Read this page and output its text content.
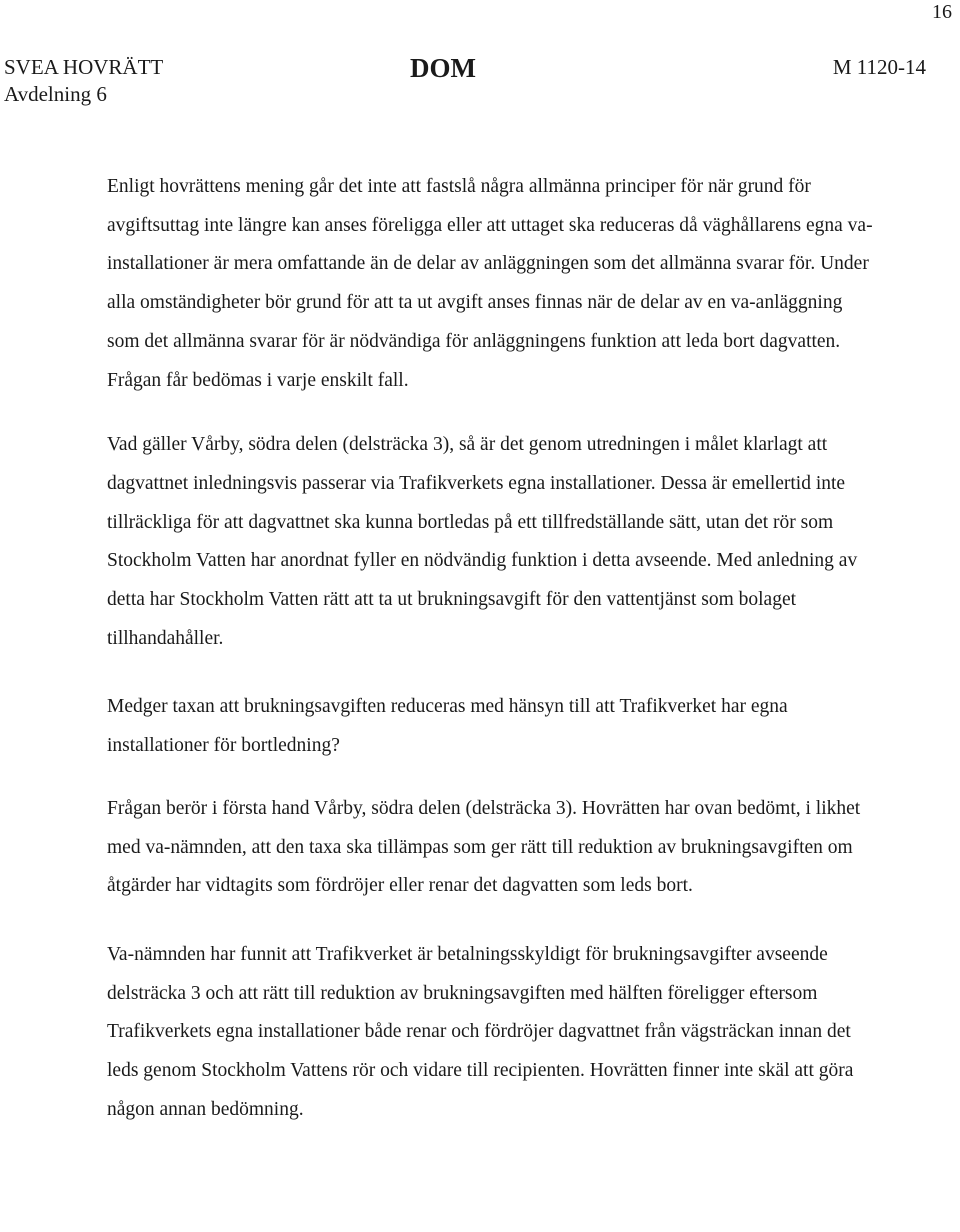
16
SVEA HOVRÄTT
Avdelning 6
DOM	M 1120-14

Enligt hovrättens mening går det inte att fastslå några allmänna principer för när grund för avgiftsuttag inte längre kan anses föreligga eller att uttaget ska reduceras då väghållarens egna va-installationer är mera omfattande än de delar av anläggningen som det allmänna svarar för. Under alla omständigheter bör grund för att ta ut avgift anses finnas när de delar av en va-anläggning som det allmänna svarar för är nödvändiga för anläggningens funktion att leda bort dagvatten. Frågan får bedömas i varje enskilt fall.

Vad gäller Vårby, södra delen (delsträcka 3), så är det genom utredningen i målet klarlagt att dagvattnet inledningsvis passerar via Trafikverkets egna installationer. Dessa är emellertid inte tillräckliga för att dagvattnet ska kunna bortledas på ett tillfredställande sätt, utan det rör som Stockholm Vatten har anordnat fyller en nödvändig funktion i detta avseende. Med anledning av detta har Stockholm Vatten rätt att ta ut brukningsavgift för den vattentjänst som bolaget tillhandahåller.

Medger taxan att brukningsavgiften reduceras med hänsyn till att Trafikverket har egna installationer för bortledning?

Frågan berör i första hand Vårby, södra delen (delsträcka 3). Hovrätten har ovan bedömt, i likhet med va-nämnden, att den taxa ska tillämpas som ger rätt till reduktion av brukningsavgiften om åtgärder har vidtagits som fördröjer eller renar det dagvatten som leds bort.

Va-nämnden har funnit att Trafikverket är betalningsskyldigt för brukningsavgifter avseende delsträcka 3 och att rätt till reduktion av brukningsavgiften med hälften föreligger eftersom Trafikverkets egna installationer både renar och fördröjer dagvattnet från vägsträckan innan det leds genom Stockholm Vattens rör och vidare till recipienten. Hovrätten finner inte skäl att göra någon annan bedömning.
